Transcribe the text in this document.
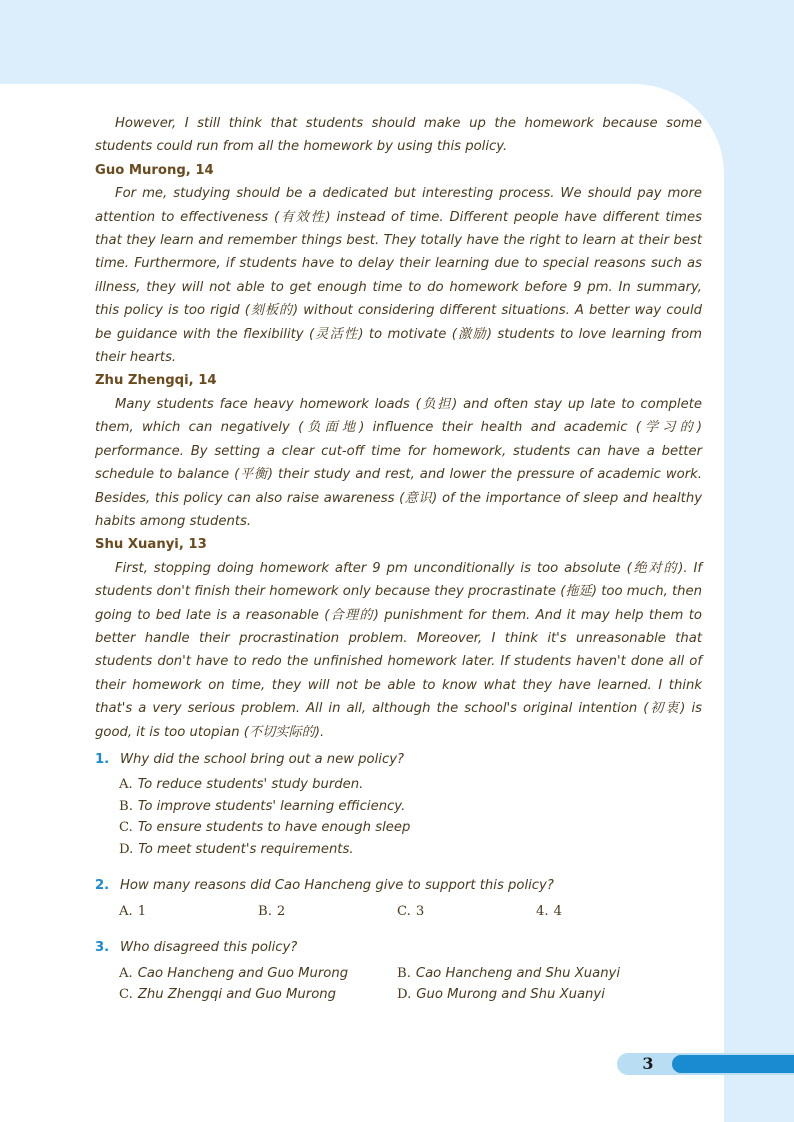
However, I still think that students should make up the homework because some students could run from all the homework by using this policy.

Guo Murong, 14

For me, studying should be a dedicated but interesting process. We should pay more attention to effectiveness (有效性) instead of time. Different people have different times that they learn and remember things best. They totally have the right to learn at their best time. Furthermore, if students have to delay their learning due to special reasons such as illness, they will not able to get enough time to do homework before 9 pm. In summary, this policy is too rigid (刻板的) without considering different situations. A better way could be guidance with the flexibility (灵活性) to motivate (激励) students to love learning from their hearts.

Zhu Zhengqi, 14

Many students face heavy homework loads (负担) and often stay up late to complete them, which can negatively (负面地) influence their health and academic (学习的) performance. By setting a clear cut-off time for homework, students can have a better schedule to balance (平衡) their study and rest, and lower the pressure of academic work. Besides, this policy can also raise awareness (意识) of the importance of sleep and healthy habits among students.

Shu Xuanyi, 13

First, stopping doing homework after 9 pm unconditionally is too absolute (绝对的). If students don't finish their homework only because they procrastinate (拖延) too much, then going to bed late is a reasonable (合理的) punishment for them. And it may help them to better handle their procrastination problem. Moreover, I think it's unreasonable that students don't have to redo the unfinished homework later. If students haven't done all of their homework on time, they will not be able to know what they have learned. I think that's a very serious problem. All in all, although the school's original intention (初衷) is good, it is too utopian (不切实际的).

1. Why did the school bring out a new policy?

A. To reduce students' study burden.

B. To improve students' learning efficiency.

C. To ensure students to have enough sleep

D. To meet student's requirements.

2. How many reasons did Cao Hancheng give to support this policy?

A. 1	B. 2	C. 3	4. 4

3. Who disagreed this policy?

A. Cao Hancheng and Guo Murong	B. Cao Hancheng and Shu Xuanyi

C. Zhu Zhengqi and Guo Murong	D. Guo Murong and Shu Xuanyi

3
